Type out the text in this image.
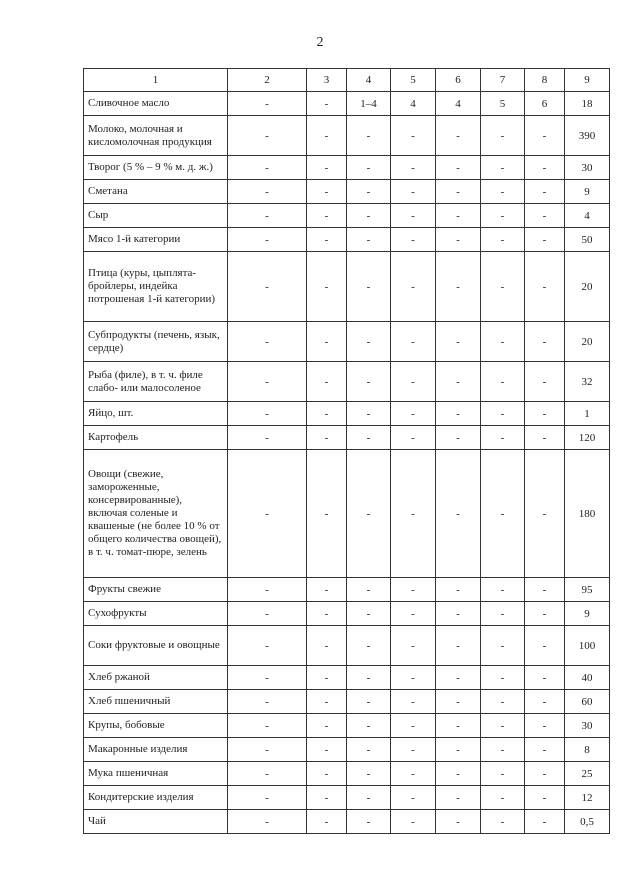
2
1	2	3	4	5	6	7	8	9
Сливочное масло	-	-	1–4	4	4	5	6	18
Молоко, молочная и кисломолочная продукция	-	-	-	-	-	-	-	390
Творог (5 % – 9 % м. д. ж.)	-	-	-	-	-	-	-	30
Сметана	-	-	-	-	-	-	-	9
Сыр	-	-	-	-	-	-	-	4
Мясо 1-й категории	-	-	-	-	-	-	-	50
Птица (куры, цыплята-бройлеры, индейка потрошеная 1-й категории)	-	-	-	-	-	-	-	20
Субпродукты (печень, язык, сердце)	-	-	-	-	-	-	-	20
Рыба (филе), в т. ч. филе слабо- или малосоленое	-	-	-	-	-	-	-	32
Яйцо, шт.	-	-	-	-	-	-	-	1
Картофель	-	-	-	-	-	-	-	120
Овощи (свежие, замороженные, консервированные), включая соленые и квашеные (не более 10 % от общего количества овощей), в т. ч. томат-пюре, зелень	-	-	-	-	-	-	-	180
Фрукты свежие	-	-	-	-	-	-	-	95
Сухофрукты	-	-	-	-	-	-	-	9
Соки фруктовые и овощные	-	-	-	-	-	-	-	100
Хлеб ржаной	-	-	-	-	-	-	-	40
Хлеб пшеничный	-	-	-	-	-	-	-	60
Крупы, бобовые	-	-	-	-	-	-	-	30
Макаронные изделия	-	-	-	-	-	-	-	8
Мука пшеничная	-	-	-	-	-	-	-	25
Кондитерские изделия	-	-	-	-	-	-	-	12
Чай	-	-	-	-	-	-	-	0,5
